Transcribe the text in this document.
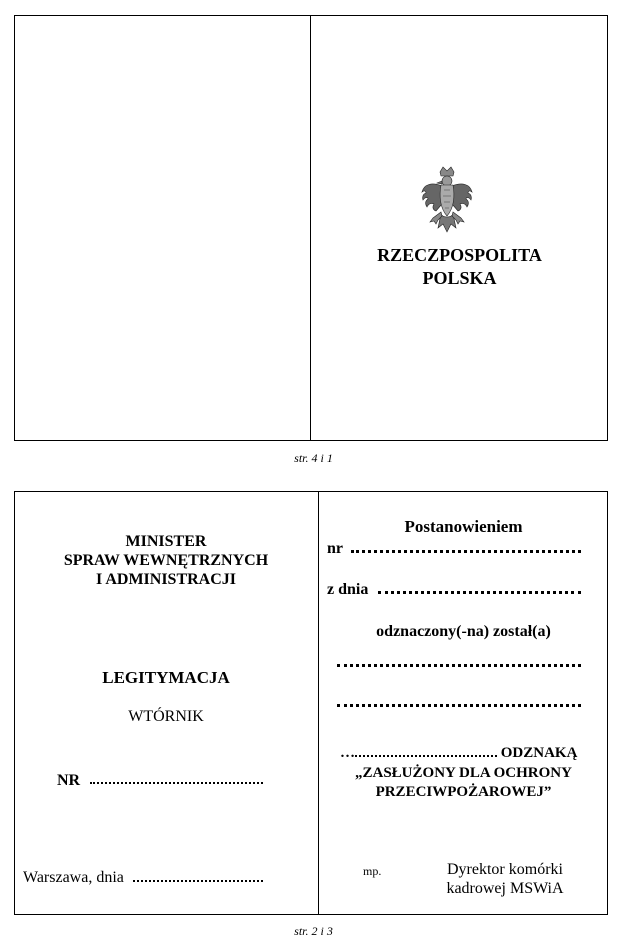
RZECZPOSPOLITA
POLSKA
str. 4 i 1
MINISTER
SPRAW WEWNĘTRZNYCH
I ADMINISTRACJI
LEGITYMACJA
WTÓRNIK
NR
Warszawa, dnia
Postanowieniem
nr
z dnia
odznaczony(-na) został(a)
…	ODZNAKĄ
„ZASŁUŻONY DLA OCHRONY
PRZECIWPOŻAROWEJ”
mp.	Dyrektor komórki
kadrowej MSWiA
str. 2 i 3
